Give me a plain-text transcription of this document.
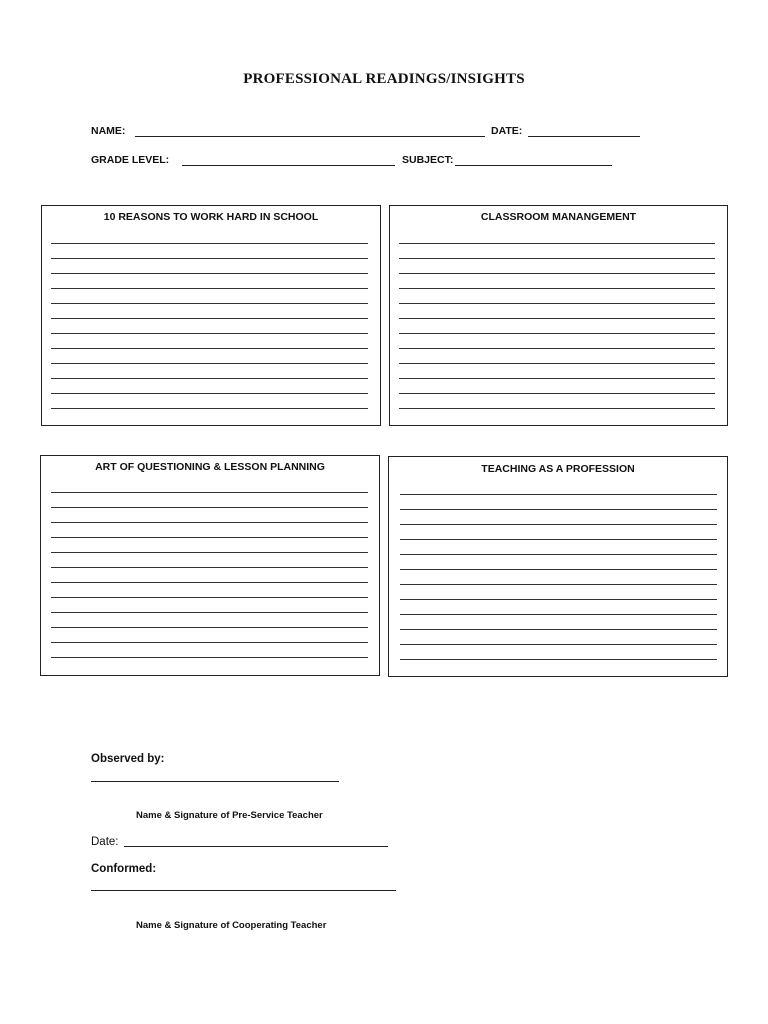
PROFESSIONAL READINGS/INSIGHTS
NAME:	DATE:
GRADE LEVEL:	SUBJECT:
10 REASONS TO WORK HARD IN SCHOOL	CLASSROOM MANANGEMENT
ART OF QUESTIONING & LESSON PLANNING	TEACHING AS A PROFESSION
Observed by:
Name & Signature of Pre-Service Teacher
Date:
Conformed:
Name & Signature of Cooperating Teacher
